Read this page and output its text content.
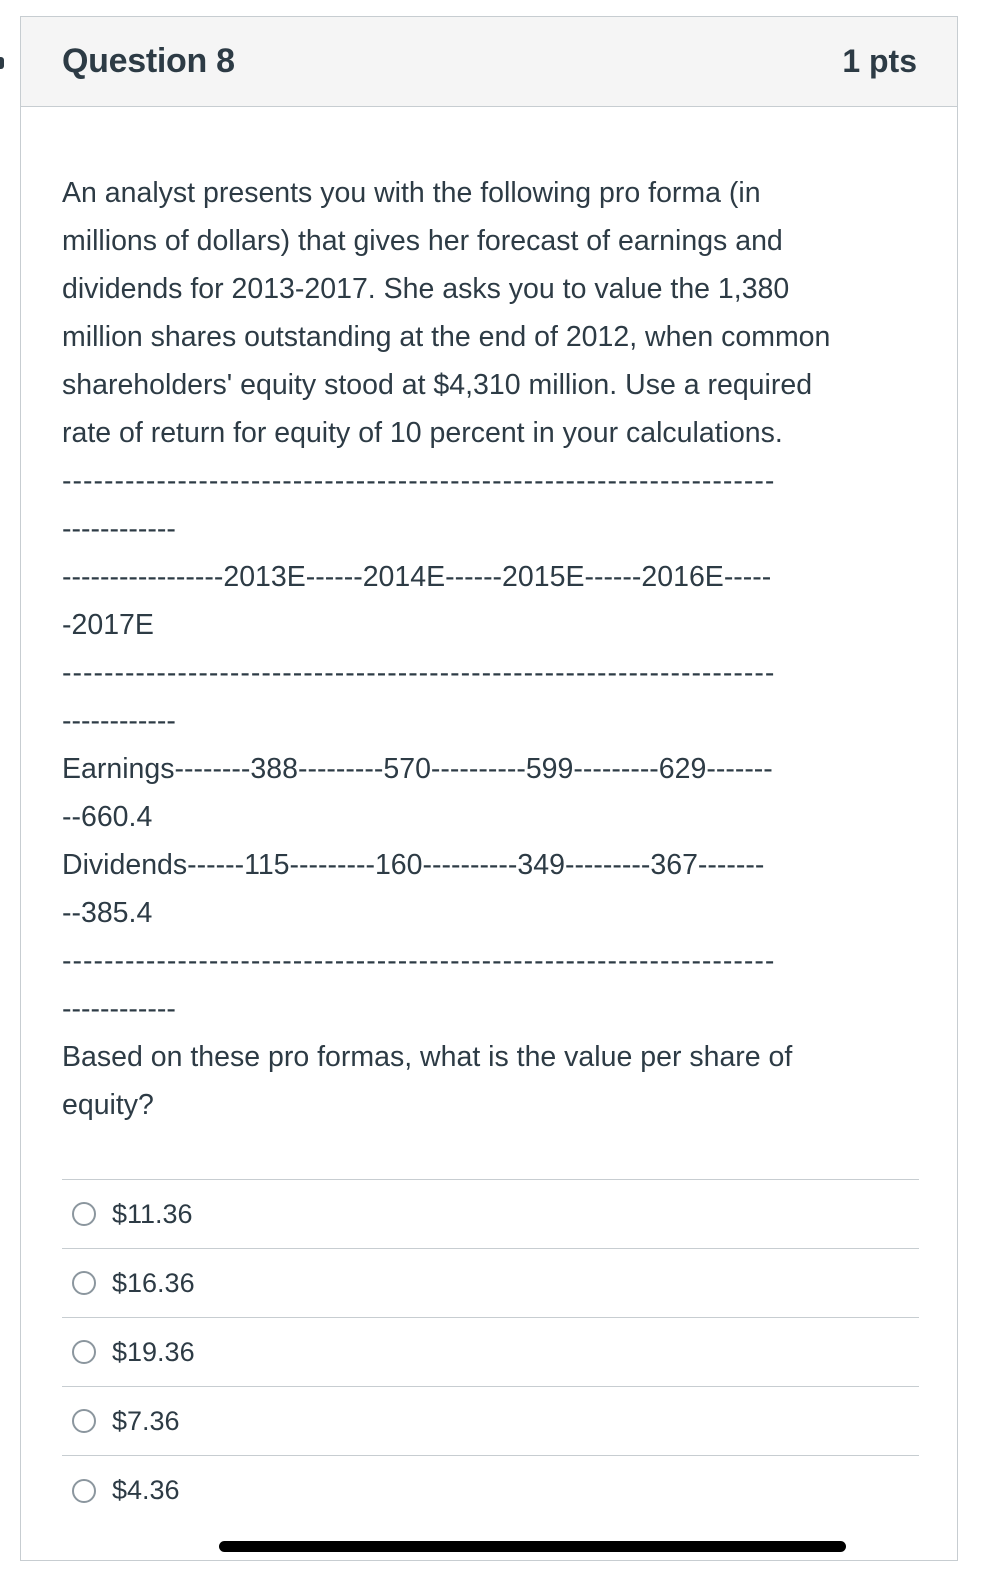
Question 8	1 pts

An analyst presents you with the following pro forma (in

millions of dollars) that gives her forecast of earnings and

dividends for 2013-2017. She asks you to value the 1,380

million shares outstanding at the end of 2012, when common

shareholders' equity stood at $4,310 million. Use a required

rate of return for equity of 10 percent in your calculations.

--------------------------------------------------------------------

------------

-----------------2013E------2014E------2015E------2016E-----

-2017E

--------------------------------------------------------------------

------------

Earnings--------388---------570----------599---------629-------

--660.4

Dividends------115---------160----------349---------367-------

--385.4

--------------------------------------------------------------------

------------

Based on these pro formas, what is the value per share of

equity?

$11.36
$16.36
$19.36
$7.36
$4.36
